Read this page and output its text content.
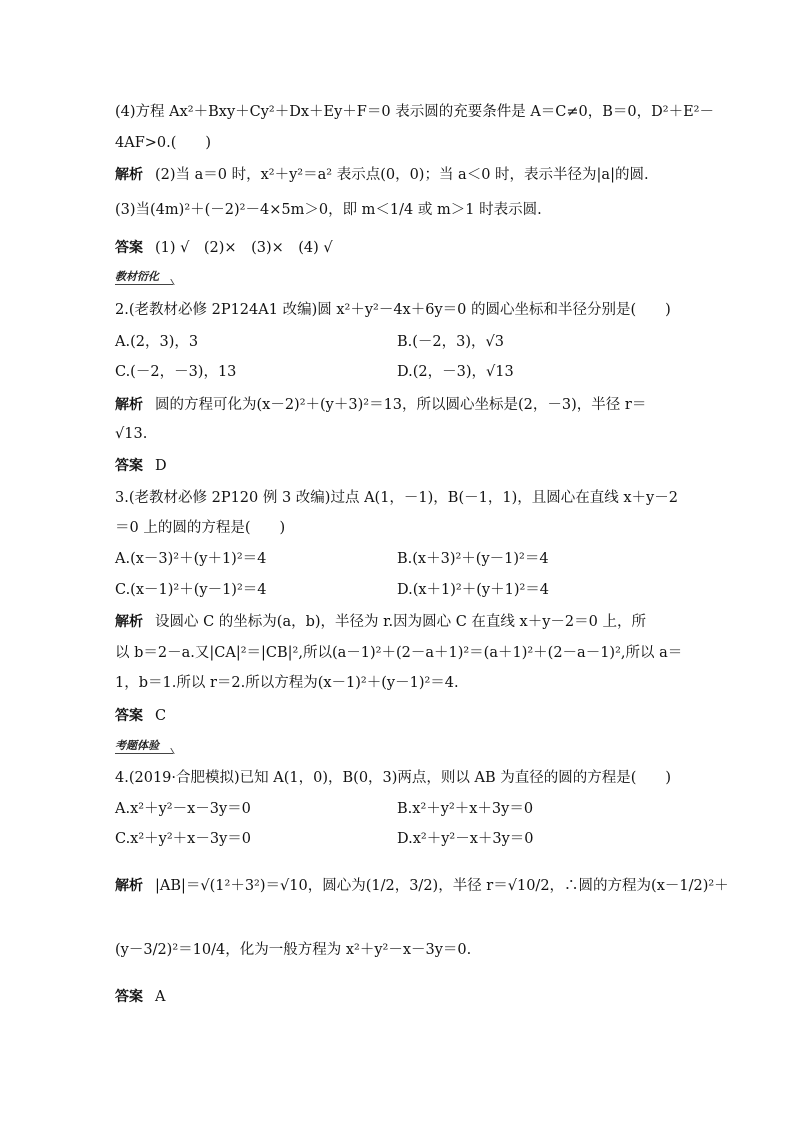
(4)方程 Ax²＋Bxy＋Cy²＋Dx＋Ey＋F＝0 表示圆的充要条件是 A＝C≠0，B＝0，D²＋E²－
4AF>0.(　　)
解析 (2)当 a＝0 时，x²＋y²＝a² 表示点(0，0)；当 a＜0 时，表示半径为|a|的圆.
(3)当(4m)²＋(－2)²－4×5m＞0，即 m＜1/4 或 m＞1 时表示圆.
答案 (1) √　(2)×　(3)×　(4) √
教材衍化
2.(老教材必修 2P124A1 改编)圆 x²＋y²－4x＋6y＝0 的圆心坐标和半径分别是(　　)
A.(2，3)，3	B.(－2，3)，√3
C.(－2，－3)，13	D.(2，－3)，√13
解析 圆的方程可化为(x－2)²＋(y＋3)²＝13，所以圆心坐标是(2，－3)，半径 r＝
√13.
答案 D
3.(老教材必修 2P120 例 3 改编)过点 A(1，－1)，B(－1，1)，且圆心在直线 x＋y－2
＝0 上的圆的方程是(　　)
A.(x－3)²＋(y＋1)²＝4	B.(x＋3)²＋(y－1)²＝4
C.(x－1)²＋(y－1)²＝4	D.(x＋1)²＋(y＋1)²＝4
解析 设圆心 C 的坐标为(a，b)，半径为 r.因为圆心 C 在直线 x＋y－2＝0 上，所
以 b＝2－a.又|CA|²＝|CB|²,所以(a－1)²＋(2－a＋1)²＝(a＋1)²＋(2－a－1)²,所以 a＝
1，b＝1.所以 r＝2.所以方程为(x－1)²＋(y－1)²＝4.
答案 C
考题体验
4.(2019·合肥模拟)已知 A(1，0)，B(0，3)两点，则以 AB 为直径的圆的方程是(　　)
A.x²＋y²－x－3y＝0	B.x²＋y²＋x＋3y＝0
C.x²＋y²＋x－3y＝0	D.x²＋y²－x＋3y＝0
解析 |AB|＝√(1²＋3²)＝√10，圆心为(1/2，3/2)，半径 r＝√10/2，∴圆的方程为(x－1/2)²＋
(y－3/2)²＝10/4，化为一般方程为 x²＋y²－x－3y＝0.
答案 A
